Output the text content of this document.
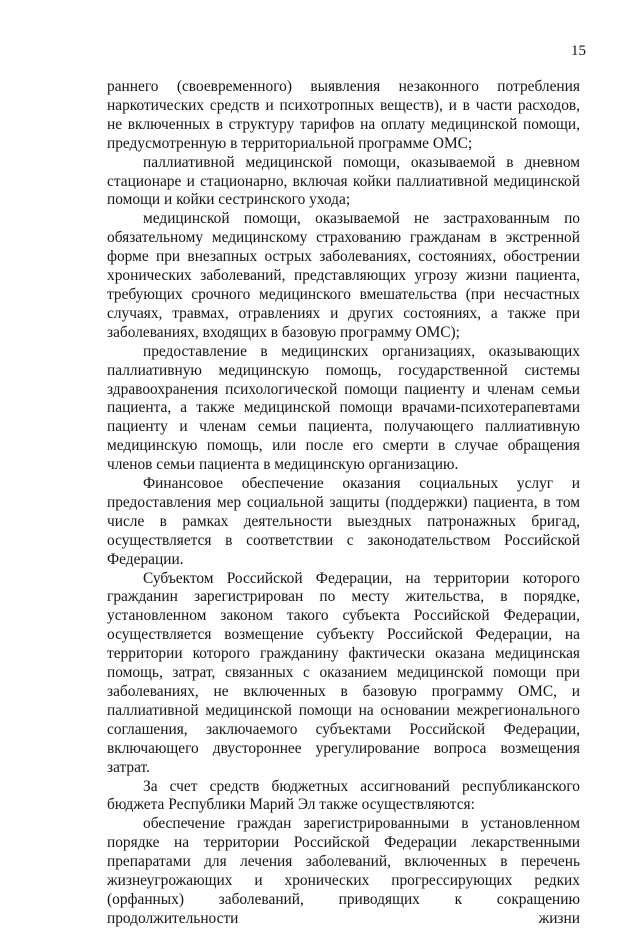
15

раннего (своевременного) выявления незаконного потребления наркотических средств и психотропных веществ), и в части расходов, не включенных в структуру тарифов на оплату медицинской помощи, предусмотренную в территориальной программе ОМС;

паллиативной медицинской помощи, оказываемой в дневном стационаре и стационарно, включая койки паллиативной медицинской помощи и койки сестринского ухода;

медицинской помощи, оказываемой не застрахованным по обязательному медицинскому страхованию гражданам в экстренной форме при внезапных острых заболеваниях, состояниях, обострении хронических заболеваний, представляющих угрозу жизни пациента, требующих срочного медицинского вмешательства (при несчастных случаях, травмах, отравлениях и других состояниях, а также при заболеваниях, входящих в базовую программу ОМС);

предоставление в медицинских организациях, оказывающих паллиативную медицинскую помощь, государственной системы здравоохранения психологической помощи пациенту и членам семьи пациента, а также медицинской помощи врачами-психотерапевтами пациенту и членам семьи пациента, получающего паллиативную медицинскую помощь, или после его смерти в случае обращения членов семьи пациента в медицинскую организацию.

Финансовое обеспечение оказания социальных услуг и предоставления мер социальной защиты (поддержки) пациента, в том числе в рамках деятельности выездных патронажных бригад, осуществляется в соответствии с законодательством Российской Федерации.

Субъектом Российской Федерации, на территории которого гражданин зарегистрирован по месту жительства, в порядке, установленном законом такого субъекта Российской Федерации, осуществляется возмещение субъекту Российской Федерации, на территории которого гражданину фактически оказана медицинская помощь, затрат, связанных с оказанием медицинской помощи при заболеваниях, не включенных в базовую программу ОМС, и паллиативной медицинской помощи на основании межрегионального соглашения, заключаемого субъектами Российской Федерации, включающего двустороннее урегулирование вопроса возмещения затрат.

За счет средств бюджетных ассигнований республиканского бюджета Республики Марий Эл также осуществляются:

обеспечение граждан зарегистрированными в установленном порядке на территории Российской Федерации лекарственными препаратами для лечения заболеваний, включенных в перечень жизнеугрожающих и хронических прогрессирующих редких (орфанных) заболеваний, приводящих к сокращению продолжительности жизни
